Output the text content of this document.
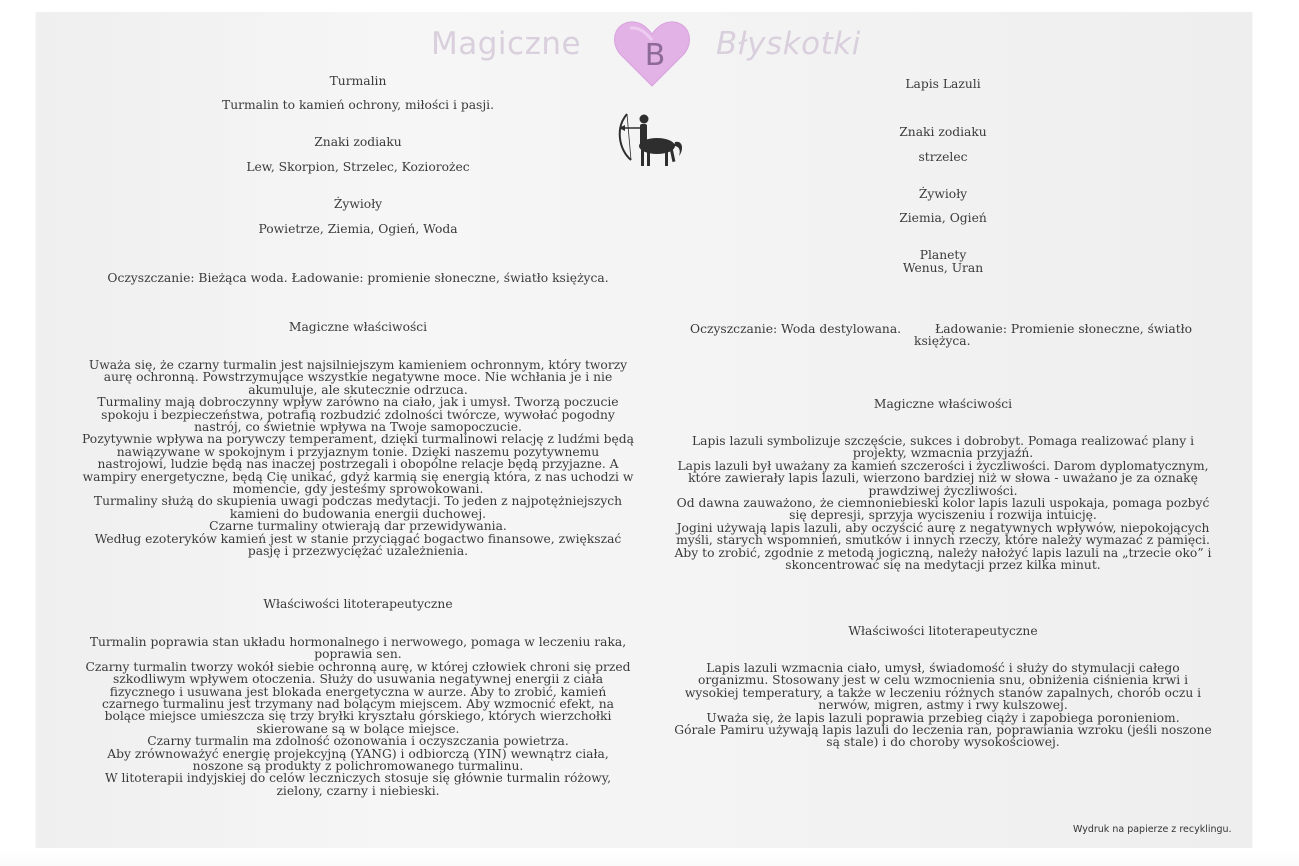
Magiczne B Błyskotki
Turmalin
Turmalin to kamień ochrony, miłości i pasji.
Znaki zodiaku
Lew, Skorpion, Strzelec, Koziorożec
Żywioły
Powietrze, Ziemia, Ogień, Woda
Oczyszczanie: Bieżąca woda. Ładowanie: promienie słoneczne, światło księżyca.
Magiczne właściwości
Uważa się, że czarny turmalin jest najsilniejszym kamieniem ochronnym, który tworzy
aurę ochronną. Powstrzymujące wszystkie negatywne moce. Nie wchłania je i nie
akumuluje, ale skutecznie odrzuca.
Turmaliny mają dobroczynny wpływ zarówno na ciało, jak i umysł. Tworzą poczucie
spokoju i bezpieczeństwa, potrafią rozbudzić zdolności twórcze, wywołać pogodny
nastrój, co świetnie wpływa na Twoje samopoczucie.
Pozytywnie wpływa na porywczy temperament, dzięki turmalinowi relację z ludźmi będą
nawiązywane w spokojnym i przyjaznym tonie. Dzięki naszemu pozytywnemu
nastrojowi, ludzie będą nas inaczej postrzegali i obopólne relacje będą przyjazne. A
wampiry energetyczne, będą Cię unikać, gdyż karmią się energią która, z nas uchodzi w
momencie, gdy jesteśmy sprowokowani.
Turmaliny służą do skupienia uwagi podczas medytacji. To jeden z najpotężniejszych
kamieni do budowania energii duchowej.
Czarne turmaliny otwierają dar przewidywania.
Według ezoteryków kamień jest w stanie przyciągać bogactwo finansowe, zwiększać
pasję i przezwyciężać uzależnienia.
Właściwości litoterapeutyczne
Turmalin poprawia stan układu hormonalnego i nerwowego, pomaga w leczeniu raka,
poprawia sen.
Czarny turmalin tworzy wokół siebie ochronną aurę, w której człowiek chroni się przed
szkodliwym wpływem otoczenia. Służy do usuwania negatywnej energii z ciała
fizycznego i usuwana jest blokada energetyczna w aurze. Aby to zrobić, kamień
czarnego turmalinu jest trzymany nad bolącym miejscem. Aby wzmocnić efekt, na
bolące miejsce umieszcza się trzy bryłki kryształu górskiego, których wierzchołki
skierowane są w bolące miejsce.
Czarny turmalin ma zdolność ozonowania i oczyszczania powietrza.
Aby zrównoważyć energię projekcyjną (YANG) i odbiorczą (YIN) wewnątrz ciała,
noszone są produkty z polichromowanego turmalinu.
W litoterapii indyjskiej do celów leczniczych stosuje się głównie turmalin różowy,
zielony, czarny i niebieski.
Lapis Lazuli
Znaki zodiaku
strzelec
Żywioły
Ziemia, Ogień
Planety
Wenus, Uran
Oczyszczanie: Woda destylowana.	Ładowanie: Promienie słoneczne, światło
księżyca.
Magiczne właściwości
Lapis lazuli symbolizuje szczęście, sukces i dobrobyt. Pomaga realizować plany i
projekty, wzmacnia przyjaźń.
Lapis lazuli był uważany za kamień szczerości i życzliwości. Darom dyplomatycznym,
które zawierały lapis lazuli, wierzono bardziej niż w słowa - uważano je za oznakę
prawdziwej życzliwości.
Od dawna zauważono, że ciemnoniebieski kolor lapis lazuli uspokaja, pomaga pozbyć
się depresji, sprzyja wyciszeniu i rozwija intuicję.
Jogini używają lapis lazuli, aby oczyścić aurę z negatywnych wpływów, niepokojących
myśli, starych wspomnień, smutków i innych rzeczy, które należy wymazać z pamięci.
Aby to zrobić, zgodnie z metodą jogiczną, należy nałożyć lapis lazuli na „trzecie oko” i
skoncentrować się na medytacji przez kilka minut.
Właściwości litoterapeutyczne
Lapis lazuli wzmacnia ciało, umysł, świadomość i służy do stymulacji całego
organizmu. Stosowany jest w celu wzmocnienia snu, obniżenia ciśnienia krwi i
wysokiej temperatury, a także w leczeniu różnych stanów zapalnych, chorób oczu i
nerwów, migren, astmy i rwy kulszowej.
Uważa się, że lapis lazuli poprawia przebieg ciąży i zapobiega poronieniom.
Górale Pamiru używają lapis lazuli do leczenia ran, poprawiania wzroku (jeśli noszone
są stale) i do choroby wysokościowej.
Wydruk na papierze z recyklingu.
